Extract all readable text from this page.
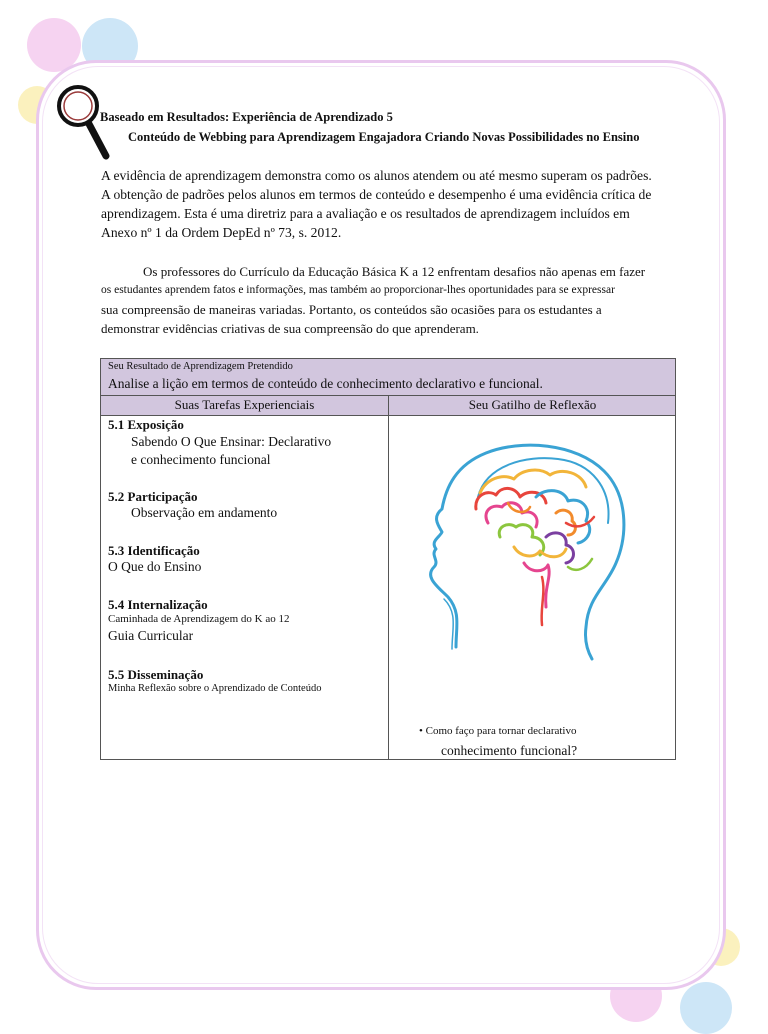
Baseado em Resultados: Experiência de Aprendizado 5
Conteúdo de Webbing para Aprendizagem Engajadora Criando Novas Possibilidades no Ensino
A evidência de aprendizagem demonstra como os alunos atendem ou até mesmo superam os padrões.
A obtenção de padrões pelos alunos em termos de conteúdo e desempenho é uma evidência crítica de
aprendizagem. Esta é uma diretriz para a avaliação e os resultados de aprendizagem incluídos em
Anexo nº 1 da Ordem DepEd nº 73, s. 2012.
Os professores do Currículo da Educação Básica K a 12 enfrentam desafios não apenas em fazer
os estudantes aprendem fatos e informações, mas também ao proporcionar-lhes oportunidades para se expressar
sua compreensão de maneiras variadas. Portanto, os conteúdos são ocasiões para os estudantes a
demonstrar evidências criativas de sua compreensão do que aprenderam.
Seu Resultado de Aprendizagem Pretendido
Analise a lição em termos de conteúdo de conhecimento declarativo e funcional.
Suas Tarefas Experienciais	Seu Gatilho de Reflexão
5.1 Exposição
Sabendo O Que Ensinar: Declarativo
e conhecimento funcional
5.2 Participação
Observação em andamento
5.3 Identificação
O Que do Ensino
5.4 Internalização
Caminhada de Aprendizagem do K ao 12
Guia Curricular
5.5 Disseminação
Minha Reflexão sobre o Aprendizado de Conteúdo
• Como faço para tornar declarativo
conhecimento funcional?
